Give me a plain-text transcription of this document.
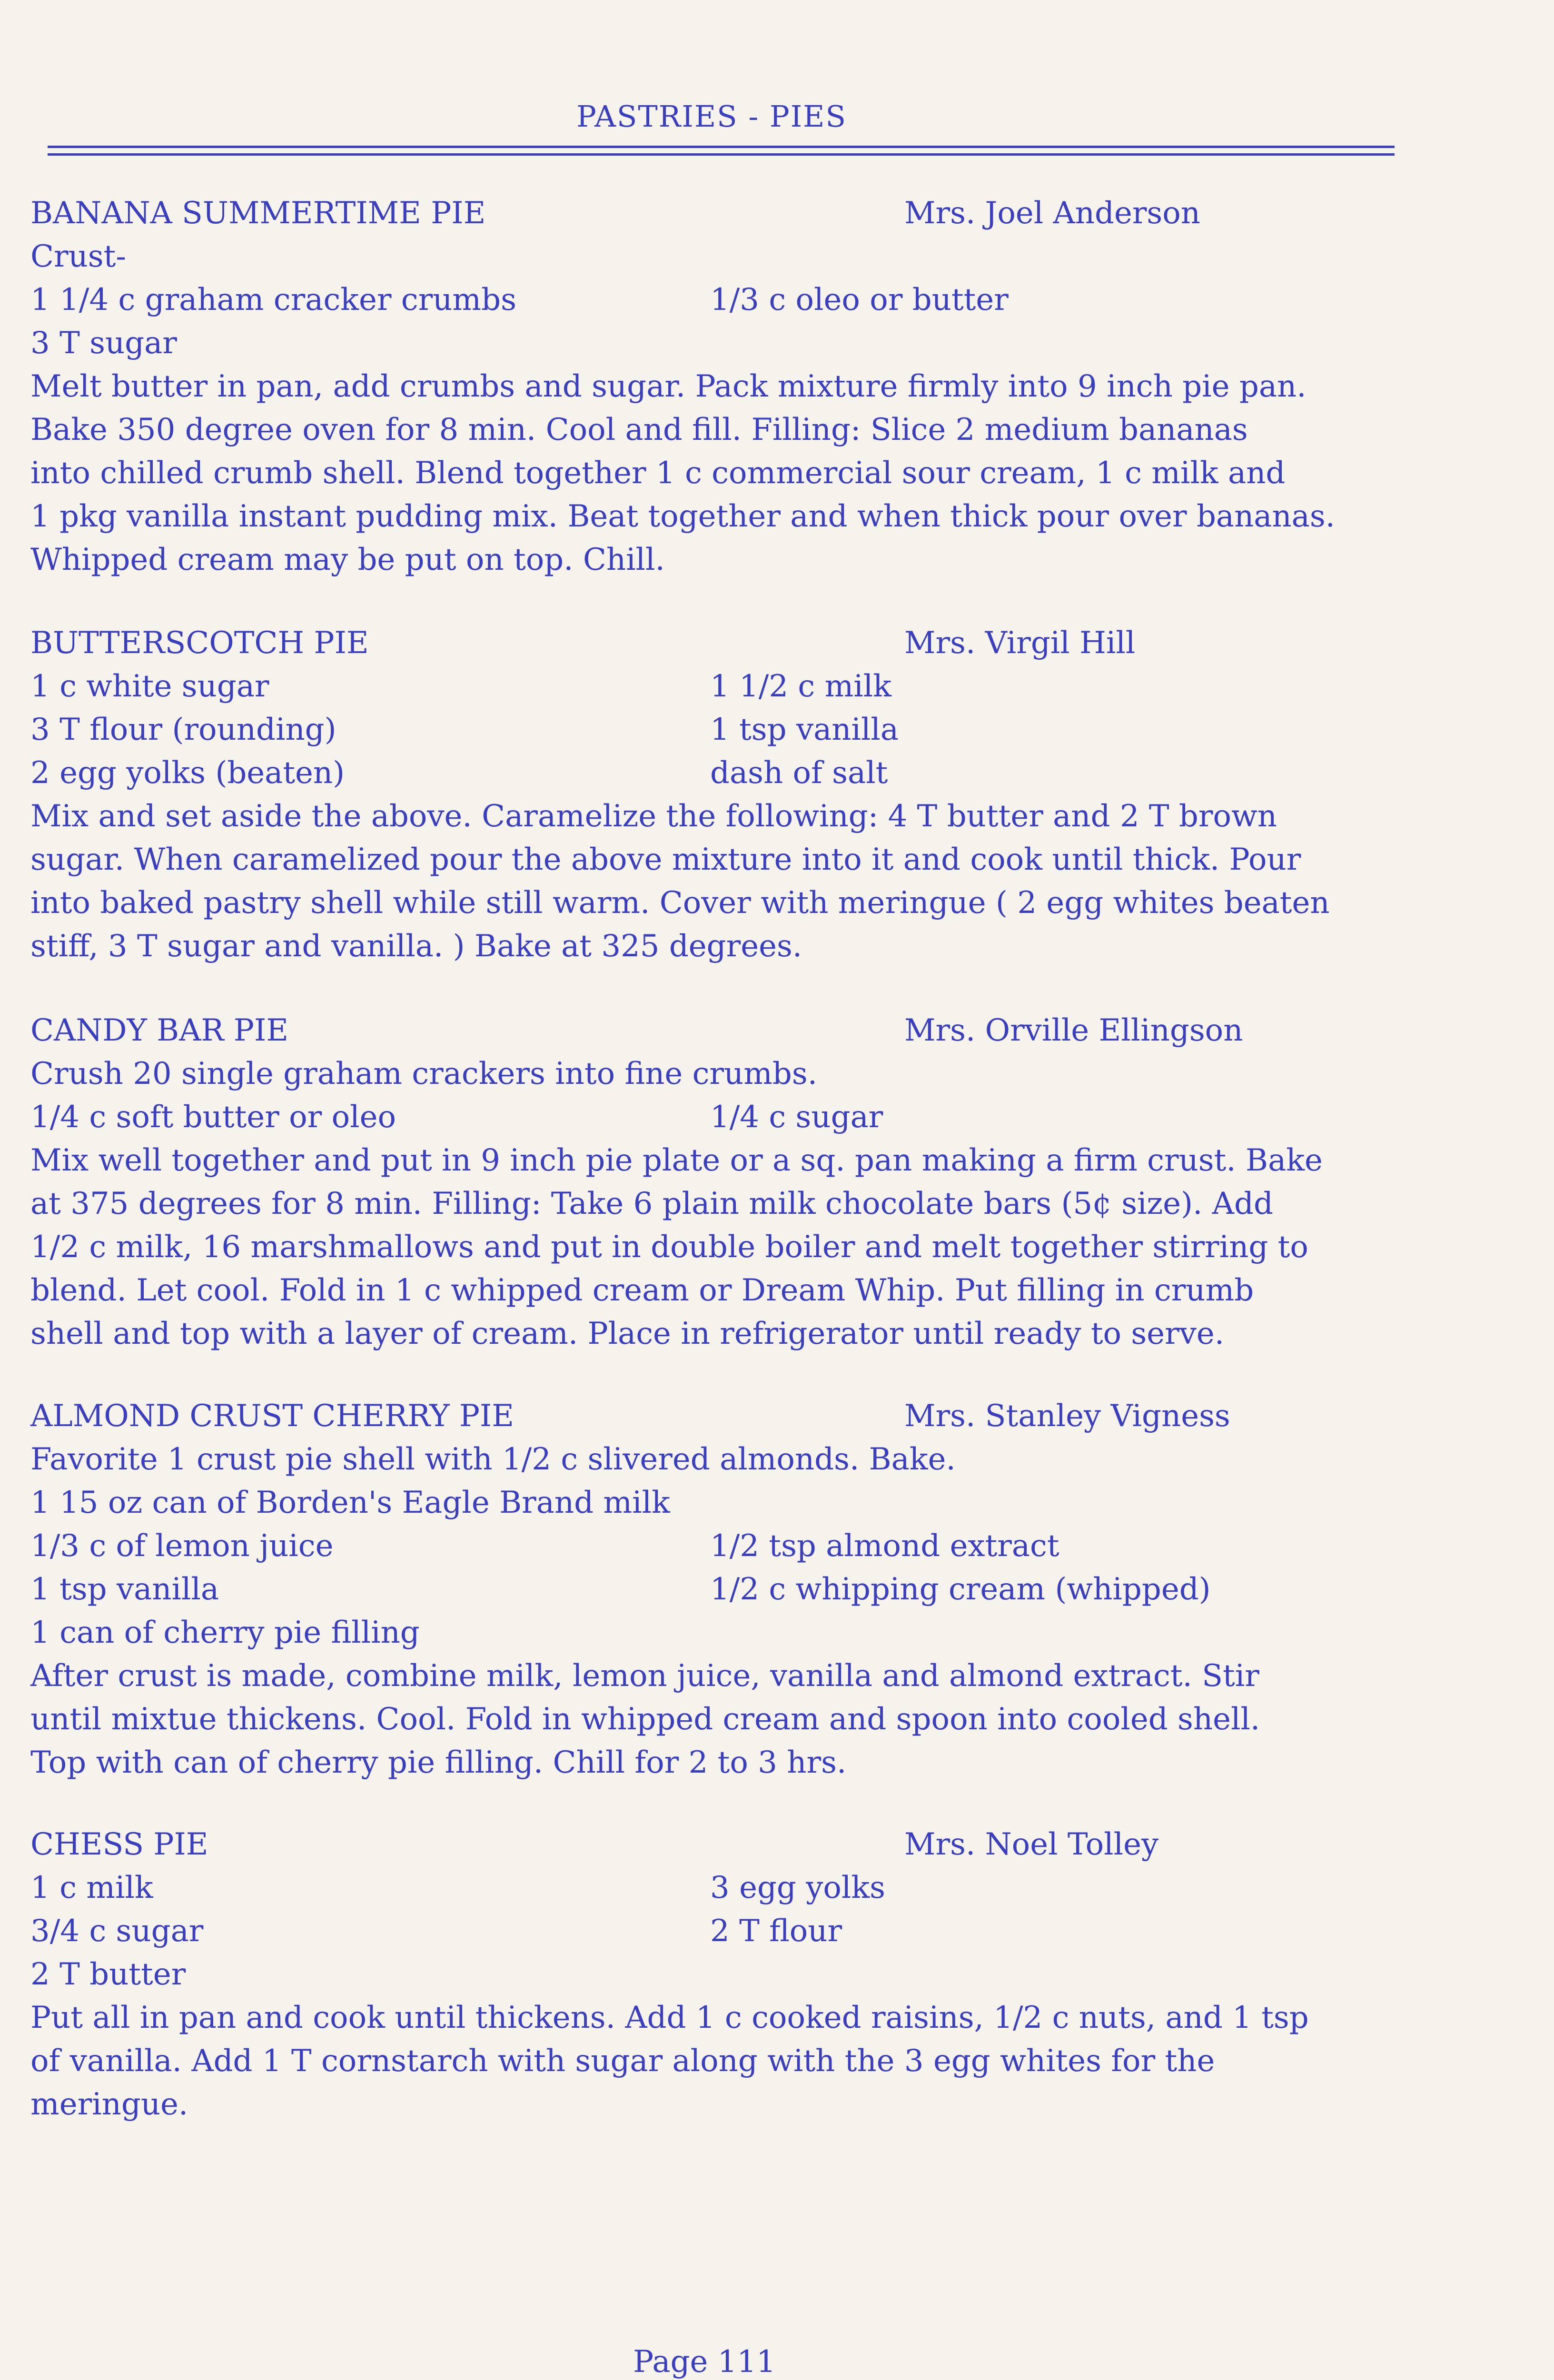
PASTRIES - PIES
BANANA SUMMERTIME PIE	Mrs. Joel Anderson
Crust-
1 1/4 c graham cracker crumbs	1/3 c oleo or butter
3 T sugar
Melt butter in pan, add crumbs and sugar. Pack mixture firmly into 9 inch pie pan.
Bake 350 degree oven for 8 min. Cool and fill. Filling: Slice 2 medium bananas
into chilled crumb shell. Blend together 1 c commercial sour cream, 1 c milk and
1 pkg vanilla instant pudding mix. Beat together and when thick pour over bananas.
Whipped cream may be put on top. Chill.
BUTTERSCOTCH PIE	Mrs. Virgil Hill
1 c white sugar	1 1/2 c milk
3 T flour (rounding)	1 tsp vanilla
2 egg yolks (beaten)	dash of salt
Mix and set aside the above. Caramelize the following: 4 T butter and 2 T brown
sugar. When caramelized pour the above mixture into it and cook until thick. Pour
into baked pastry shell while still warm. Cover with meringue ( 2 egg whites beaten
stiff, 3 T sugar and vanilla. ) Bake at 325 degrees.
CANDY BAR PIE	Mrs. Orville Ellingson
Crush 20 single graham crackers into fine crumbs.
1/4 c soft butter or oleo	1/4 c sugar
Mix well together and put in 9 inch pie plate or a sq. pan making a firm crust. Bake
at 375 degrees for 8 min. Filling: Take 6 plain milk chocolate bars (5¢ size). Add
1/2 c milk, 16 marshmallows and put in double boiler and melt together stirring to
blend. Let cool. Fold in 1 c whipped cream or Dream Whip. Put filling in crumb
shell and top with a layer of cream. Place in refrigerator until ready to serve.
ALMOND CRUST CHERRY PIE	Mrs. Stanley Vigness
Favorite 1 crust pie shell with 1/2 c slivered almonds. Bake.
1 15 oz can of Borden's Eagle Brand milk
1/3 c of lemon juice	1/2 tsp almond extract
1 tsp vanilla	1/2 c whipping cream (whipped)
1 can of cherry pie filling
After crust is made, combine milk, lemon juice, vanilla and almond extract. Stir
until mixtue thickens. Cool. Fold in whipped cream and spoon into cooled shell.
Top with can of cherry pie filling. Chill for 2 to 3 hrs.
CHESS PIE	Mrs. Noel Tolley
1 c milk	3 egg yolks
3/4 c sugar	2 T flour
2 T butter
Put all in pan and cook until thickens. Add 1 c cooked raisins, 1/2 c nuts, and 1 tsp
of vanilla. Add 1 T cornstarch with sugar along with the 3 egg whites for the
meringue.
Page 111
